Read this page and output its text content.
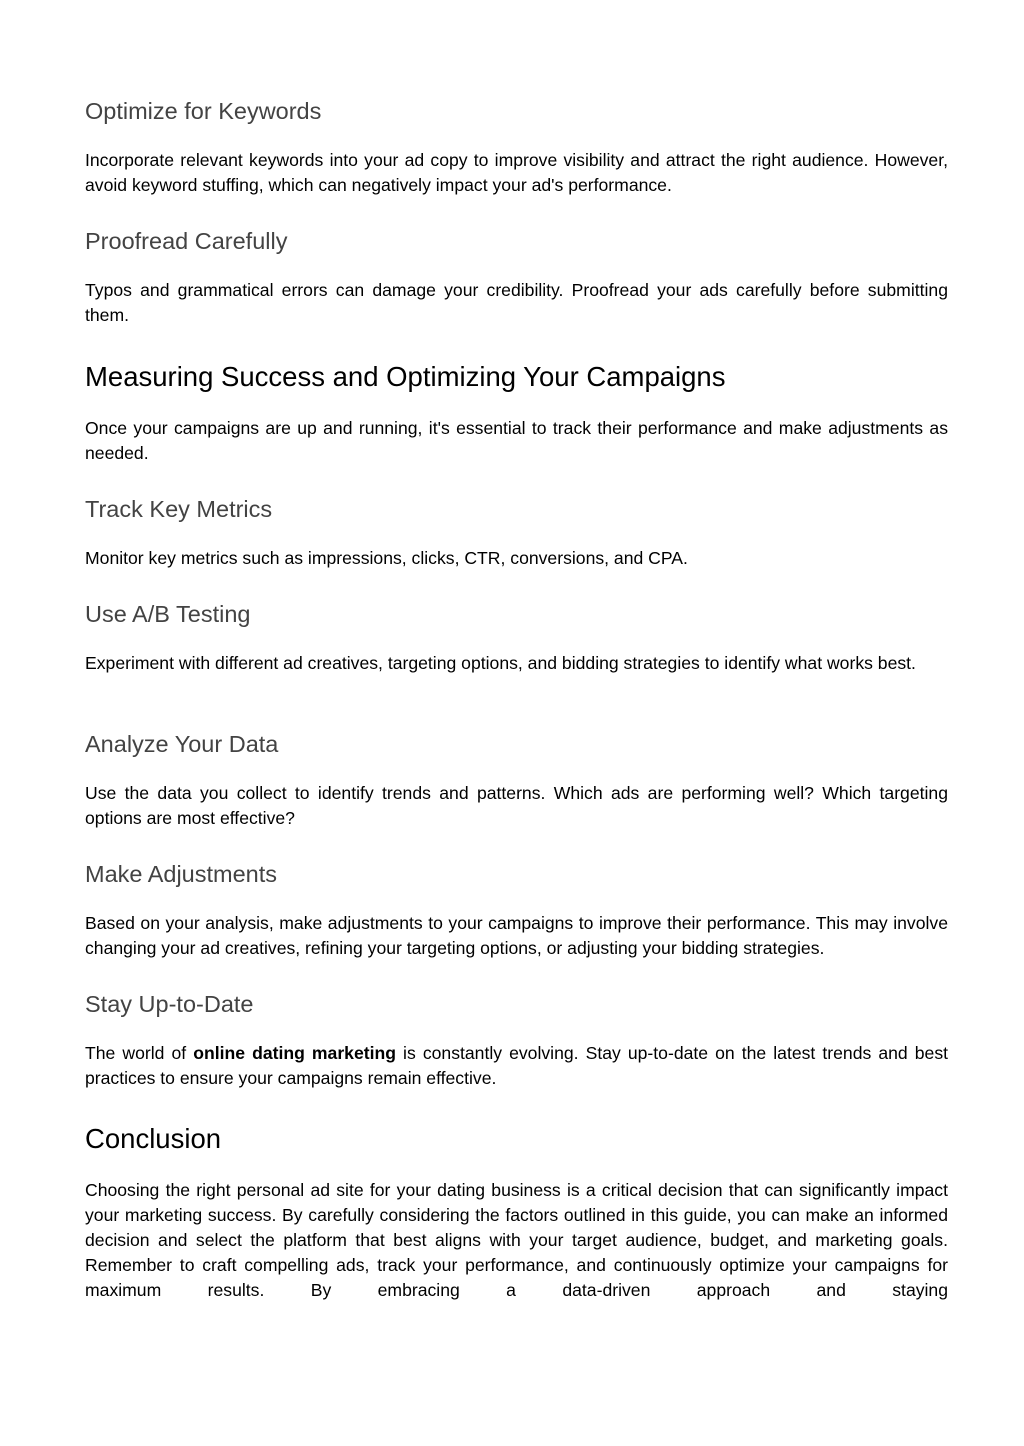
Optimize for Keywords

Incorporate relevant keywords into your ad copy to improve visibility and attract the right audience. However, avoid keyword stuffing, which can negatively impact your ad's performance.

Proofread Carefully

Typos and grammatical errors can damage your credibility. Proofread your ads carefully before submitting them.

Measuring Success and Optimizing Your Campaigns

Once your campaigns are up and running, it's essential to track their performance and make adjustments as needed.

Track Key Metrics

Monitor key metrics such as impressions, clicks, CTR, conversions, and CPA.

Use A/B Testing

Experiment with different ad creatives, targeting options, and bidding strategies to identify what works best.

Analyze Your Data

Use the data you collect to identify trends and patterns. Which ads are performing well? Which targeting options are most effective?

Make Adjustments

Based on your analysis, make adjustments to your campaigns to improve their performance. This may involve changing your ad creatives, refining your targeting options, or adjusting your bidding strategies.

Stay Up-to-Date

The world of online dating marketing is constantly evolving. Stay up-to-date on the latest trends and best practices to ensure your campaigns remain effective.

Conclusion

Choosing the right personal ad site for your dating business is a critical decision that can significantly impact your marketing success. By carefully considering the factors outlined in this guide, you can make an informed decision and select the platform that best aligns with your target audience, budget, and marketing goals. Remember to craft compelling ads, track your performance, and continuously optimize your campaigns for maximum results. By embracing a data-driven approach and staying
